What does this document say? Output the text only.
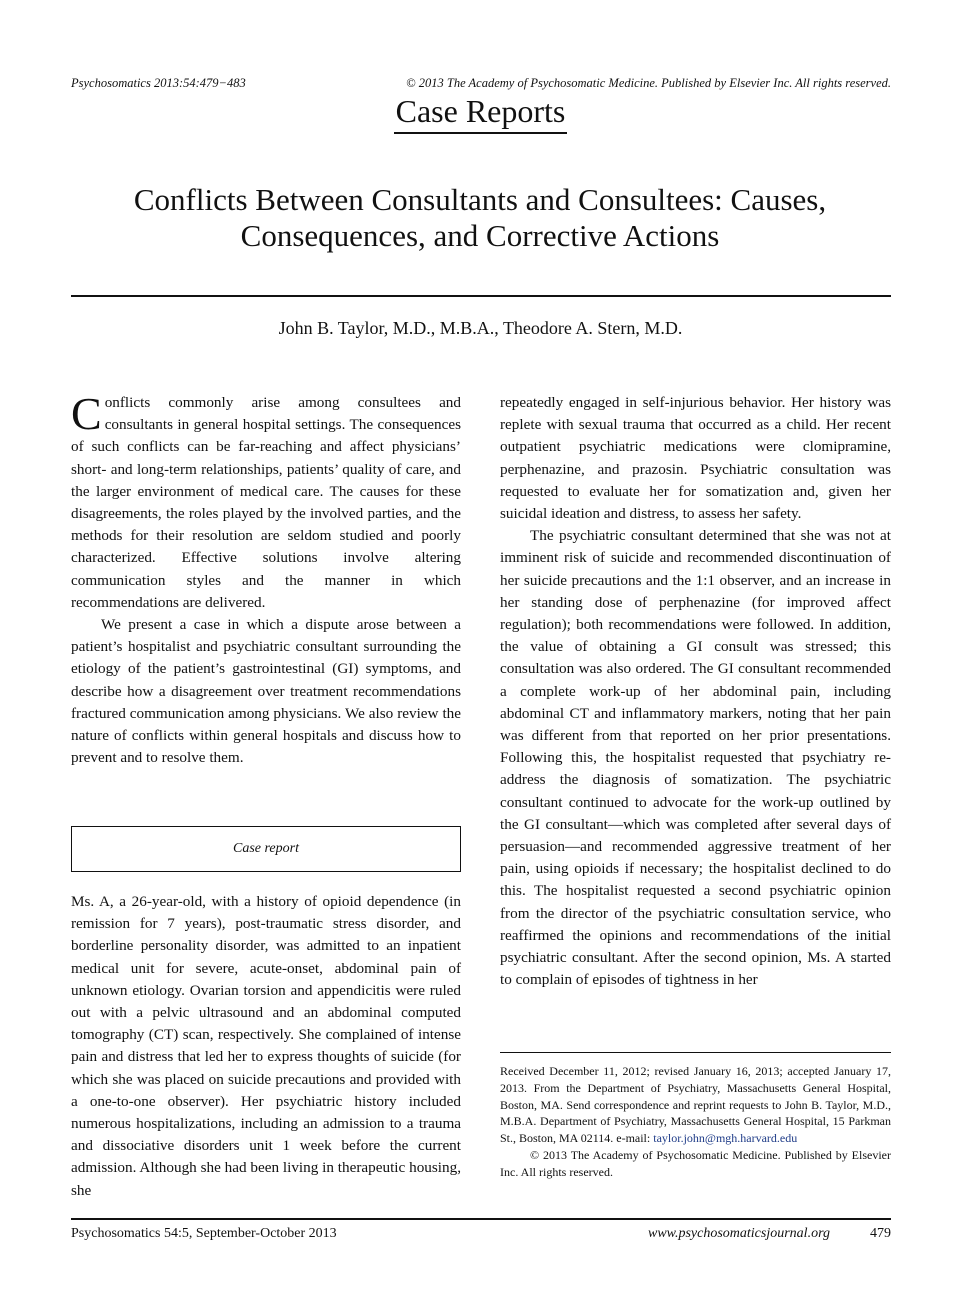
Psychosomatics 2013:54:479−483	© 2013 The Academy of Psychosomatic Medicine. Published by Elsevier Inc. All rights reserved.
Case Reports
Conflicts Between Consultants and Consultees: Causes,
Consequences, and Corrective Actions
John B. Taylor, M.D., M.B.A., Theodore A. Stern, M.D.

Conflicts commonly arise among consultees and consultants in general hospital settings. The consequences of such conflicts can be far-reaching and affect physicians’ short- and long-term relationships, patients’ quality of care, and the larger environment of medical care. The causes for these disagreements, the roles played by the involved parties, and the methods for their resolution are seldom studied and poorly characterized. Effective solutions involve altering communication styles and the manner in which recommendations are delivered.

We present a case in which a dispute arose between a patient’s hospitalist and psychiatric consultant surrounding the etiology of the patient’s gastrointestinal (GI) symptoms, and describe how a disagreement over treatment recommendations fractured communication among physicians. We also review the nature of conflicts within general hospitals and discuss how to prevent and to resolve them.

Case report

Ms. A, a 26-year-old, with a history of opioid dependence (in remission for 7 years), post-traumatic stress disorder, and borderline personality disorder, was admitted to an inpatient medical unit for severe, acute-onset, abdominal pain of unknown etiology. Ovarian torsion and appendicitis were ruled out with a pelvic ultrasound and an abdominal computed tomography (CT) scan, respectively. She complained of intense pain and distress that led her to express thoughts of suicide (for which she was placed on suicide precautions and provided with a one-to-one observer). Her psychiatric history included numerous hospitalizations, including an admission to a trauma and dissociative disorders unit 1 week before the current admission. Although she had been living in therapeutic housing, she

repeatedly engaged in self-injurious behavior. Her history was replete with sexual trauma that occurred as a child. Her recent outpatient psychiatric medications were clomipramine, perphenazine, and prazosin. Psychiatric consultation was requested to evaluate her for somatization and, given her suicidal ideation and distress, to assess her safety.

The psychiatric consultant determined that she was not at imminent risk of suicide and recommended discontinuation of her suicide precautions and the 1:1 observer, and an increase in her standing dose of perphenazine (for improved affect regulation); both recommendations were followed. In addition, the value of obtaining a GI consult was stressed; this consultation was also ordered. The GI consultant recommended a complete work-up of her abdominal pain, including abdominal CT and inflammatory markers, noting that her pain was different from that reported on her prior presentations. Following this, the hospitalist requested that psychiatry re-address the diagnosis of somatization. The psychiatric consultant continued to advocate for the work-up outlined by the GI consultant—which was completed after several days of persuasion—and recommended aggressive treatment of her pain, using opioids if necessary; the hospitalist declined to do this. The hospitalist requested a second psychiatric opinion from the director of the psychiatric consultation service, who reaffirmed the opinions and recommendations of the initial psychiatric consultant. After the second opinion, Ms. A started to complain of episodes of tightness in her

Received December 11, 2012; revised January 16, 2013; accepted January 17, 2013. From the Department of Psychiatry, Massachusetts General Hospital, Boston, MA. Send correspondence and reprint requests to John B. Taylor, M.D., M.B.A. Department of Psychiatry, Massachusetts General Hospital, 15 Parkman St., Boston, MA 02114. e-mail: taylor.john@mgh.harvard.edu

© 2013 The Academy of Psychosomatic Medicine. Published by Elsevier Inc. All rights reserved.

Psychosomatics 54:5, September-October 2013	www.psychosomaticsjournal.org	479
